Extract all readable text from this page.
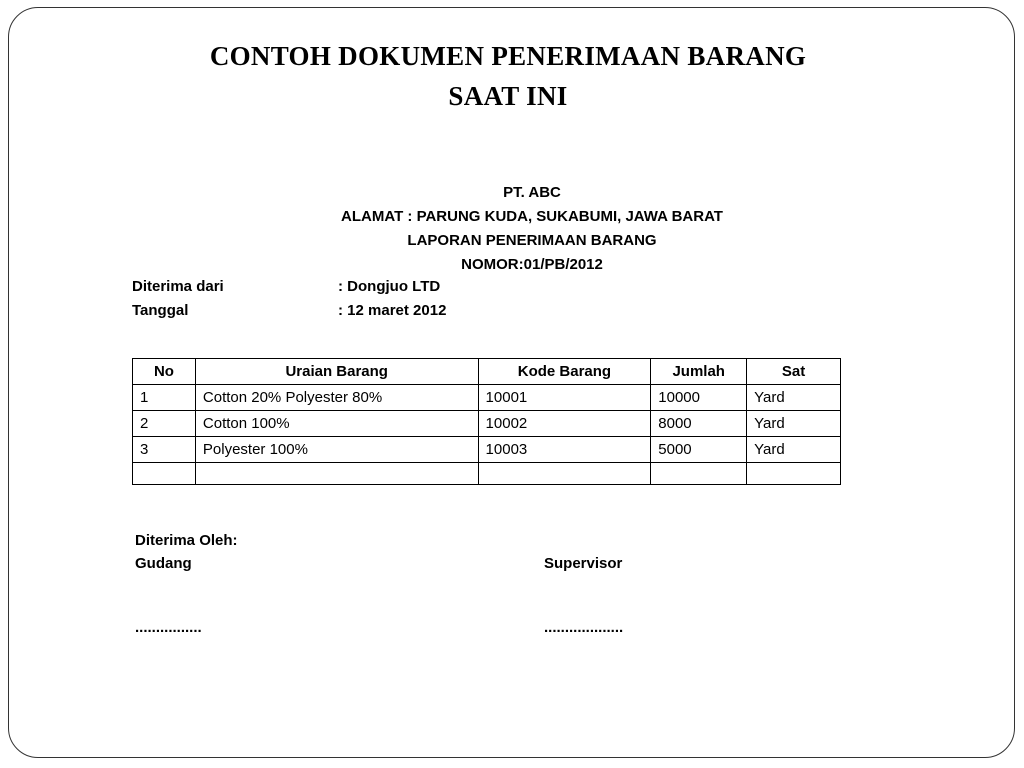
CONTOH DOKUMEN PENERIMAAN BARANG
SAAT INI
PT. ABC
ALAMAT : PARUNG KUDA, SUKABUMI, JAWA BARAT
LAPORAN PENERIMAAN BARANG
NOMOR:01/PB/2012
Diterima dari	: Dongjuo LTD
Tanggal	: 12 maret 2012
No	Uraian Barang	Kode Barang	Jumlah	Sat
1	Cotton 20% Polyester 80%	10001	10000	Yard
2	Cotton 100%	10002	8000	Yard
3	Polyester 100%	10003	5000	Yard

Diterima Oleh:
Gudang	Supervisor
................	...................
